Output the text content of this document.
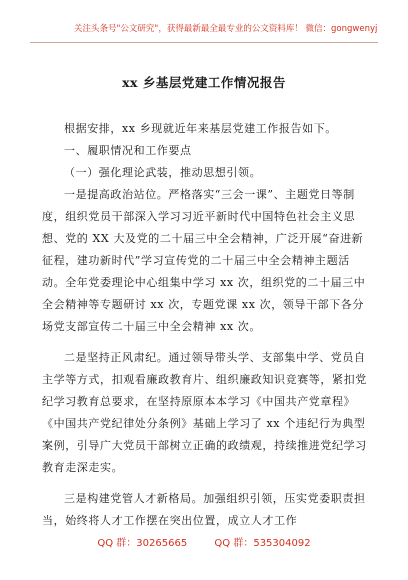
关注头条号"公文研究"，获得最新最全最专业的公文资料库！ 微信：gongwenyj
xx 乡基层党建工作情况报告

根据安排，xx 乡现就近年来基层党建工作报告如下。

一、履职情况和工作要点

（一）强化理论武装，推动思想引领。

一是提高政治站位。严格落实“三会一课”、主题党日等制度，组织党员干部深入学习习近平新时代中国特色社会主义思想、党的 XX 大及党的二十届三中全会精神，广泛开展“奋进新征程，建功新时代”学习宣传党的二十届三中全会精神主题活动。全年党委理论中心组集中学习 xx 次，组织党的二十届三中全会精神等专题研讨 xx 次，专题党课 xx 次，领导干部下各分场党支部宣传二十届三中全会精神 xx 次。

二是坚持正风肃纪。通过领导带头学、支部集中学、党员自主学等方式，扣观看廉政教育片、组织廉政知识竞赛等，紧扣党纪学习教育总要求，在坚持原原本本学习《中国共产党章程》《中国共产党纪律处分条例》基础上学习了 xx 个违纪行为典型案例，引导广大党员干部树立正确的政绩观，持续推进党纪学习教育走深走实。

三是构建党管人才新格局。加强组织引领，压实党委职责担当，始终将人才工作摆在突出位置，成立人才工作

QQ 群：30265665	QQ 群：535304092
